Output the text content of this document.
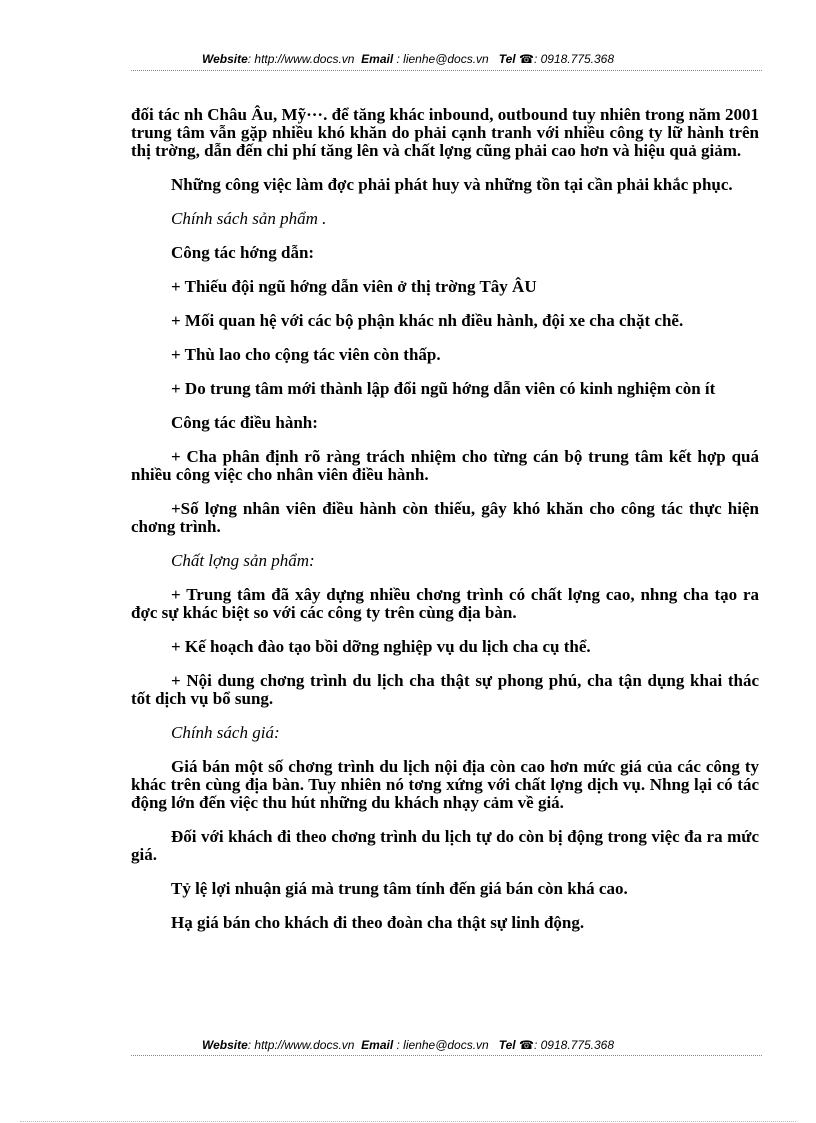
Website: http://www.docs.vn Email : lienhe@docs.vn Tel ☎: 0918.775.368

đối tác nh Châu Âu, Mỹ···. để tăng khác inbound, outbound tuy nhiên trong năm 2001 trung tâm vẫn gặp nhiều khó khăn do phải cạnh tranh với nhiều công ty lữ hành trên thị trờng, dẫn đến chi phí tăng lên và chất lợng cũng phải cao hơn và hiệu quả giảm.

Những công việc làm đợc phải phát huy và những tồn tại cần phải khắc phục.

Chính sách sản phẩm .

Công tác hớng dẫn:

+ Thiếu đội ngũ hớng dẫn viên ở thị trờng Tây ÂU

+ Mối quan hệ với các bộ phận khác nh điều hành, đội xe cha chặt chẽ.

+ Thù lao cho cộng tác viên còn thấp.

+ Do trung tâm mới thành lập đổi ngũ hớng dẫn viên có kinh nghiệm còn ít

Công tác điều hành:

+ Cha phân định rõ ràng trách nhiệm cho từng cán bộ trung tâm kết hợp quá nhiều công việc cho nhân viên điều hành.

+Số lợng nhân viên điều hành còn thiếu, gây khó khăn cho công tác thực hiện chơng trình.

Chất lợng sản phẩm:

+ Trung tâm đã xây dựng nhiều chơng trình có chất lợng cao, nhng cha tạo ra đợc sự khác biệt so với các công ty trên cùng địa bàn.

+ Kế hoạch đào tạo bồi dỡng nghiệp vụ du lịch cha cụ thể.

+ Nội dung chơng trình du lịch cha thật sự phong phú, cha tận dụng khai thác tốt dịch vụ bổ sung.

Chính sách giá:

Giá bán một số chơng trình du lịch nội địa còn cao hơn mức giá của các công ty khác trên cùng địa bàn. Tuy nhiên nó tơng xứng với chất lợng dịch vụ. Nhng lại có tác động lớn đến việc thu hút những du khách nhạy cảm về giá.

Đối với khách đi theo chơng trình du lịch tự do còn bị động trong việc đa ra mức giá.

Tỷ lệ lợi nhuận giá mà trung tâm tính đến giá bán còn khá cao.

Hạ giá bán cho khách đi theo đoàn cha thật sự linh động.

Website: http://www.docs.vn Email : lienhe@docs.vn Tel ☎: 0918.775.368
